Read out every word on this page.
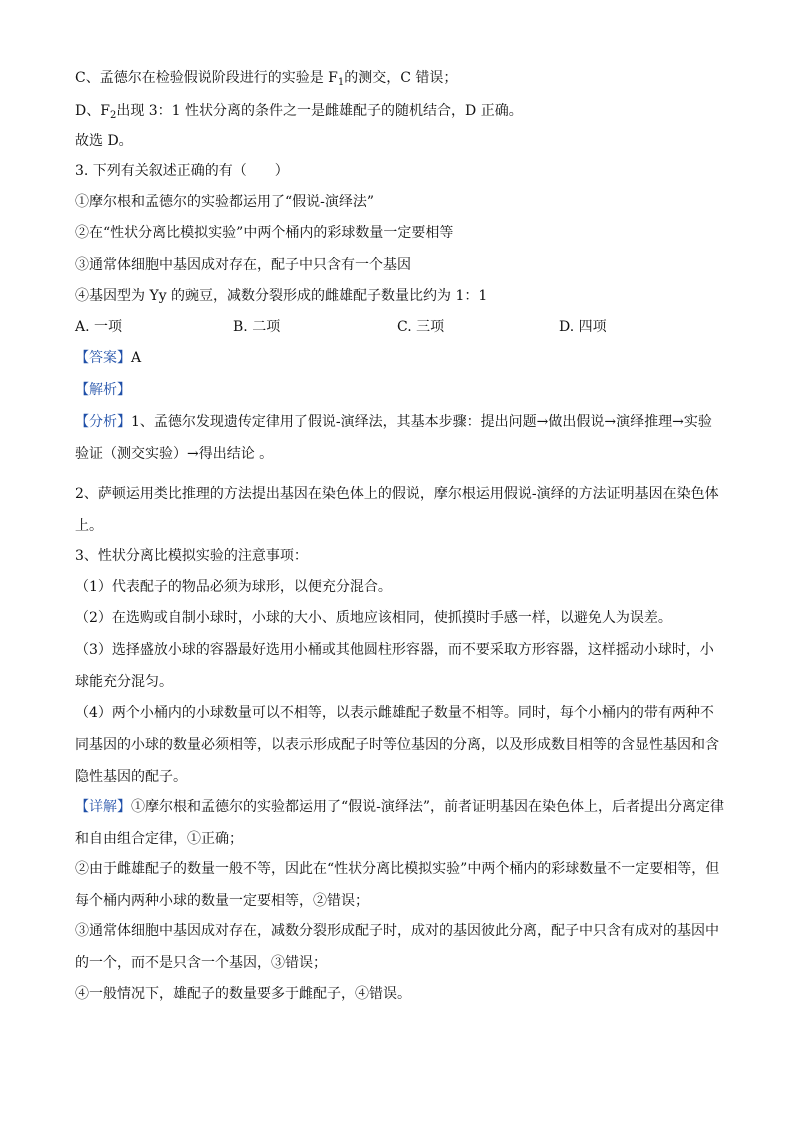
C、孟德尔在检验假说阶段进行的实验是 $F_1$的测交，C 错误；
D、$F_2$出现 3：1 性状分离的条件之一是雌雄配子的随机结合，D 正确。
故选 D。
3. 下列有关叙述正确的有（　　）
①摩尔根和孟德尔的实验都运用了“假说-演绎法”
②在“性状分离比模拟实验”中两个桶内的彩球数量一定要相等
③通常体细胞中基因成对存在，配子中只含有一个基因
④基因型为 Yy 的豌豆，减数分裂形成的雌雄配子数量比约为 1：1
A. 一项	B. 二项	C. 三项	D. 四项
【答案】A
【解析】
【分析】1、孟德尔发现遗传定律用了假说-演绎法，其基本步骤：提出问题→做出假说→演绎推理→实验验证（测交实验）→得出结论 。
2、萨顿运用类比推理的方法提出基因在染色体上的假说，摩尔根运用假说-演绎的方法证明基因在染色体上。
3、性状分离比模拟实验的注意事项：
（1）代表配子的物品必须为球形，以便充分混合。
（2）在选购或自制小球时，小球的大小、质地应该相同，使抓摸时手感一样，以避免人为误差。
（3）选择盛放小球的容器最好选用小桶或其他圆柱形容器，而不要采取方形容器，这样摇动小球时，小球能充分混匀。
（4）两个小桶内的小球数量可以不相等，以表示雌雄配子数量不相等。同时，每个小桶内的带有两种不同基因的小球的数量必须相等，以表示形成配子时等位基因的分离，以及形成数目相等的含显性基因和含隐性基因的配子。
【详解】①摩尔根和孟德尔的实验都运用了“假说-演绎法”，前者证明基因在染色体上，后者提出分离定律和自由组合定律，①正确；
②由于雌雄配子的数量一般不等，因此在“性状分离比模拟实验”中两个桶内的彩球数量不一定要相等，但每个桶内两种小球的数量一定要相等，②错误；
③通常体细胞中基因成对存在，减数分裂形成配子时，成对的基因彼此分离，配子中只含有成对的基因中的一个，而不是只含一个基因，③错误；
④一般情况下，雄配子的数量要多于雌配子，④错误。
